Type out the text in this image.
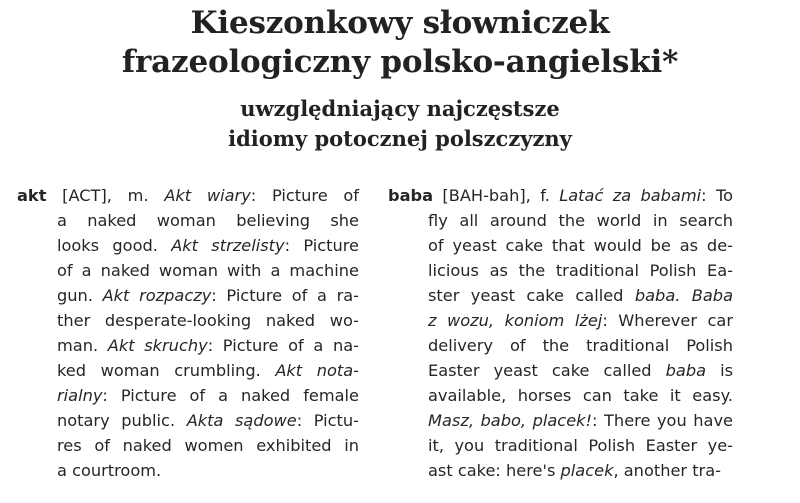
Kieszonkowy słowniczek
frazeologiczny polsko-angielski*
uwzględniający najczęstsze
idiomy potocznej polszczyzny
akt [ACT], m. Akt wiary: Picture of
a naked woman believing she
looks good. Akt strzelisty: Picture
of a naked woman with a machine
gun. Akt rozpaczy: Picture of a ra-
ther desperate-looking naked wo-
man. Akt skruchy: Picture of a na-
ked woman crumbling. Akt nota-
rialny: Picture of a naked female
notary public. Akta sądowe: Pictu-
res of naked women exhibited in
a courtroom.
baba [BAH-bah], f. Latać za babami: To
fly all around the world in search
of yeast cake that would be as de-
licious as the traditional Polish Ea-
ster yeast cake called baba. Baba
z wozu, koniom lżej: Wherever car
delivery of the traditional Polish
Easter yeast cake called baba is
available, horses can take it easy.
Masz, babo, placek!: There you have
it, you traditional Polish Easter ye-
ast cake: here's placek, another tra-
